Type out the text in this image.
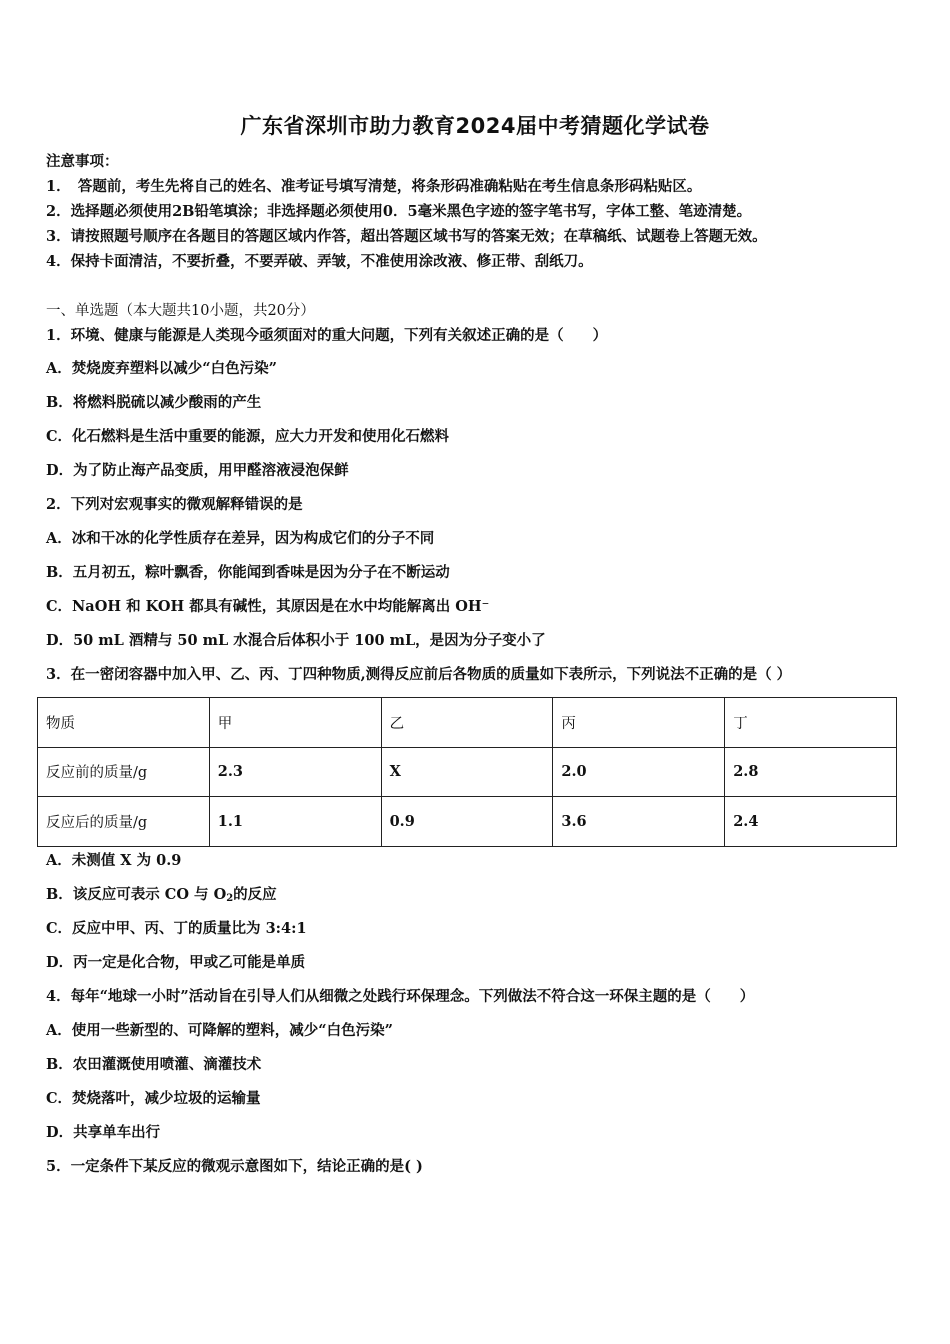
广东省深圳市助力教育2024届中考猜题化学试卷
注意事项：
1．　答题前，考生先将自己的姓名、准考证号填写清楚，将条形码准确粘贴在考生信息条形码粘贴区。
2．选择题必须使用2B铅笔填涂；非选择题必须使用0．5毫米黑色字迹的签字笔书写，字体工整、笔迹清楚。
3．请按照题号顺序在各题目的答题区域内作答，超出答题区域书写的答案无效；在草稿纸、试题卷上答题无效。
4．保持卡面清洁，不要折叠，不要弄破、弄皱，不准使用涂改液、修正带、刮纸刀。
一、单选题（本大题共10小题，共20分）
1．环境、健康与能源是人类现今亟须面对的重大问题，下列有关叙述正确的是（　　）
A．焚烧废弃塑料以减少“白色污染”
B．将燃料脱硫以减少酸雨的产生
C．化石燃料是生活中重要的能源，应大力开发和使用化石燃料
D．为了防止海产品变质，用甲醛溶液浸泡保鲜
2．下列对宏观事实的微观解释错误的是
A．冰和干冰的化学性质存在差异，因为构成它们的分子不同
B．五月初五，粽叶飘香，你能闻到香味是因为分子在不断运动
C．NaOH 和 KOH 都具有碱性，其原因是在水中均能解离出 OH⁻
D．50 mL 酒精与 50 mL 水混合后体积小于 100 mL，是因为分子变小了
3．在一密闭容器中加入甲、乙、丙、丁四种物质,测得反应前后各物质的质量如下表所示，下列说法不正确的是（ ）
物质	甲	乙	丙	丁
反应前的质量/g	2.3	X	2.0	2.8
反应后的质量/g	1.1	0.9	3.6	2.4
A．未测值 X 为 0.9
B．该反应可表示 CO 与 $O_2$的反应
C．反应中甲、丙、丁的质量比为 3:4:1
D．丙一定是化合物，甲或乙可能是单质
4．每年“地球一小时”活动旨在引导人们从细微之处践行环保理念。下列做法不符合这一环保主题的是（　　）
A．使用一些新型的、可降解的塑料，减少“白色污染”
B．农田灌溉使用喷灌、滴灌技术
C．焚烧落叶，减少垃圾的运输量
D．共享单车出行
5．一定条件下某反应的微观示意图如下，结论正确的是( )
